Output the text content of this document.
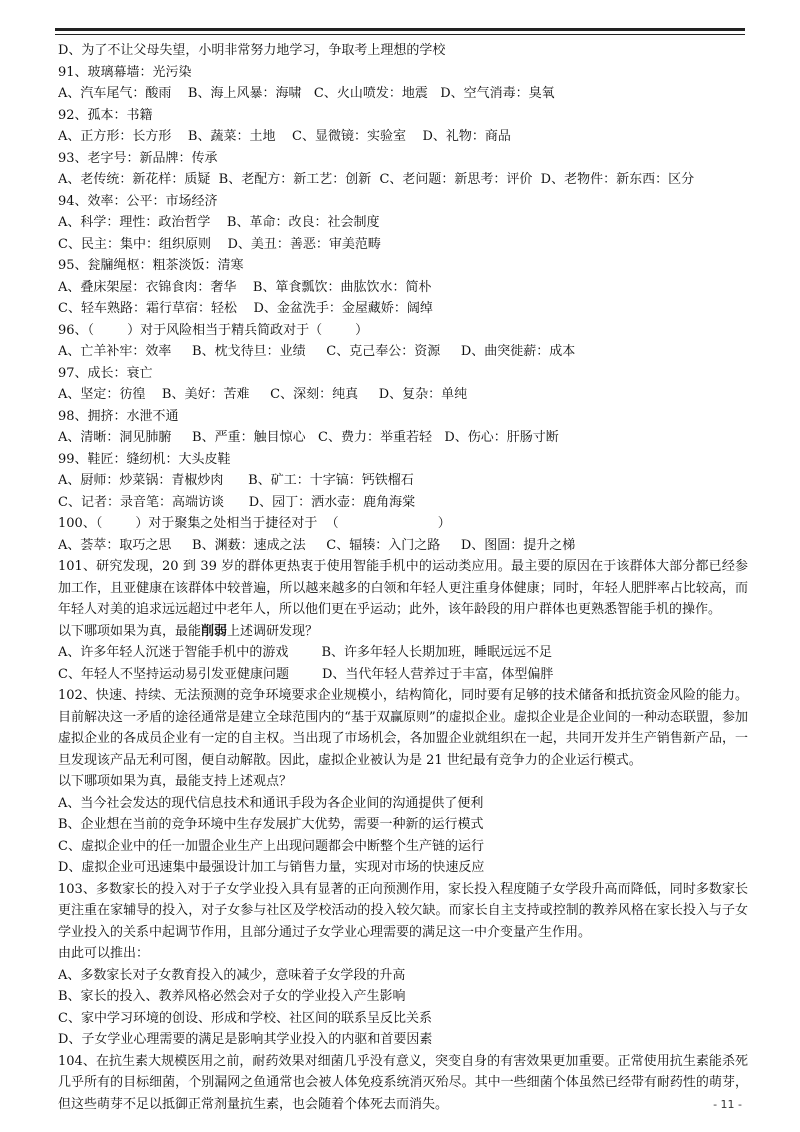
D、为了不让父母失望，小明非常努力地学习，争取考上理想的学校
91、玻璃幕墙：光污染
A、汽车尾气：酸雨    B、海上风暴：海啸   C、火山喷发：地震   D、空气消毒：臭氧
92、孤本：书籍
A、正方形：长方形    B、蔬菜：土地    C、显微镜：实验室    D、礼物：商品
93、老字号：新品牌：传承
A、老传统：新花样：质疑  B、老配方：新工艺：创新  C、老问题：新思考：评价  D、老物件：新东西：区分
94、效率：公平：市场经济
A、科学：理性：政治哲学    B、革命：改良：社会制度
C、民主：集中：组织原则    D、美丑：善恶：审美范畴
95、瓮牖绳枢：粗茶淡饭：清寒
A、叠床架屋：衣锦食肉：奢华    B、箪食瓢饮：曲肱饮水：简朴
C、轻车熟路：霜行草宿：轻松    D、金盆洗手：金屋藏娇：阔绰
96、（        ）对于风险相当于精兵简政对于（        ）
A、亡羊补牢：效率     B、枕戈待旦：业绩     C、克己奉公：资源     D、曲突徙薪：成本
97、成长：衰亡
A、坚定：彷徨    B、美好：苦难     C、深刻：纯真     D、复杂：单纯
98、拥挤：水泄不通
A、清晰：洞见肺腑     B、严重：触目惊心   C、费力：举重若轻   D、伤心：肝肠寸断
99、鞋匠：缝纫机：大头皮鞋
A、厨师：炒菜锅：青椒炒肉      B、矿工：十字镐：钙铁榴石
C、记者：录音笔：高端访谈      D、园丁：洒水壶：鹿角海棠
100、（        ）对于聚集之处相当于捷径对于  （                        ）
A、荟萃：取巧之思     B、渊薮：速成之法     C、辐辏：入门之路     D、图圄：提升之梯
101、研究发现，20 到 39 岁的群体更热衷于使用智能手机中的运动类应用。最主要的原因在于该群体大部分都已经参加工作，且亚健康在该群体中较普遍，所以越来越多的白领和年轻人更注重身体健康；同时，年轻人肥胖率占比较高，而年轻人对美的追求远远超过中老年人，所以他们更在乎运动；此外，该年龄段的用户群体也更熟悉智能手机的操作。
以下哪项如果为真，最能削弱上述调研发现？
A、许多年轻人沉迷于智能手机中的游戏        B、许多年轻人长期加班，睡眠远远不足
C、年轻人不坚持运动易引发亚健康问题        D、当代年轻人营养过于丰富，体型偏胖
102、快速、持续、无法预测的竞争环境要求企业规模小，结构简化，同时要有足够的技术储备和抵抗资金风险的能力。目前解决这一矛盾的途径通常是建立全球范围内的“基于双赢原则”的虚拟企业。虚拟企业是企业间的一种动态联盟，参加虚拟企业的各成员企业有一定的自主权。当出现了市场机会，各加盟企业就组织在一起，共同开发并生产销售新产品，一旦发现该产品无利可图，便自动解散。因此，虚拟企业被认为是 21 世纪最有竞争力的企业运行模式。
以下哪项如果为真，最能支持上述观点？
A、当今社会发达的现代信息技术和通讯手段为各企业间的沟通提供了便利
B、企业想在当前的竞争环境中生存发展扩大优势，需要一种新的运行模式
C、虚拟企业中的任一加盟企业生产上出现问题都会中断整个生产链的运行
D、虚拟企业可迅速集中最强设计加工与销售力量，实现对市场的快速反应
103、多数家长的投入对于子女学业投入具有显著的正向预测作用，家长投入程度随子女学段升高而降低，同时多数家长更注重在家辅导的投入，对子女参与社区及学校活动的投入较欠缺。而家长自主支持或控制的教养风格在家长投入与子女学业投入的关系中起调节作用，且部分通过子女学业心理需要的满足这一中介变量产生作用。
由此可以推出：
A、多数家长对子女教育投入的减少，意味着子女学段的升高
B、家长的投入、教养风格必然会对子女的学业投入产生影响
C、家中学习环境的创设、形成和学校、社区间的联系呈反比关系
D、子女学业心理需要的满足是影响其学业投入的内驱和首要因素
104、在抗生素大规模医用之前，耐药效果对细菌几乎没有意义，突变自身的有害效果更加重要。正常使用抗生素能杀死几乎所有的目标细菌，个别漏网之鱼通常也会被人体免疫系统消灭殆尽。其中一些细菌个体虽然已经带有耐药性的萌芽，但这些萌芽不足以抵御正常剂量抗生素，也会随着个体死去而消失。	- 11 -
